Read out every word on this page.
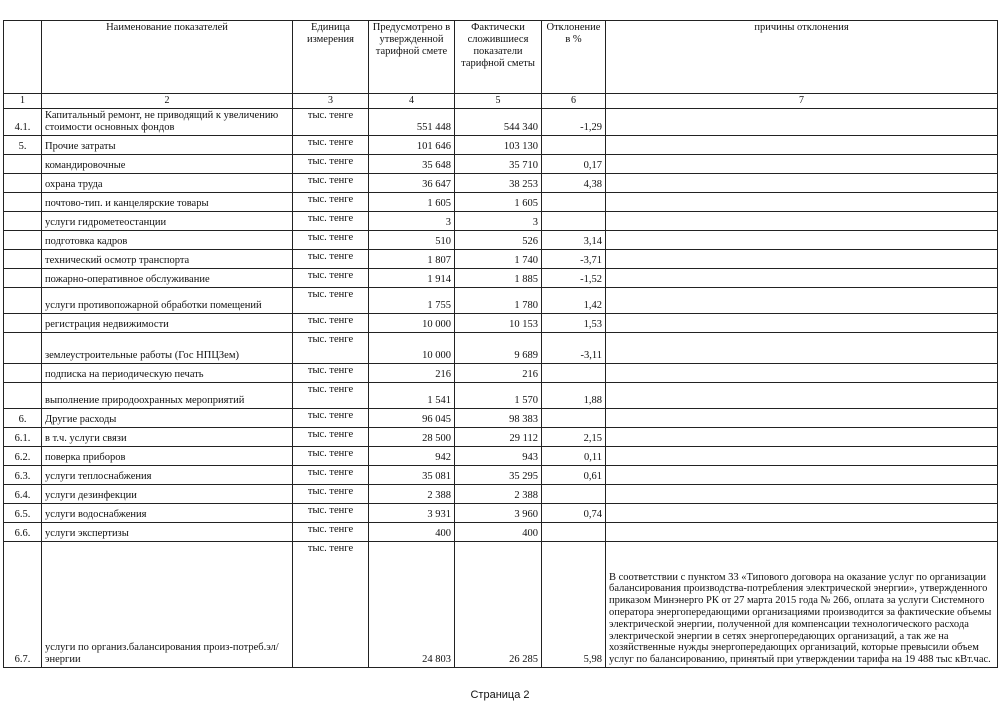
	Наименование показателей	Единица измерения	Предусмотрено в утвержденной тарифной смете	Фактически сложившиеся показатели тарифной сметы	Отклонение в %	причины отклонения
1	2	3	4	5	6	7
4.1.	Капитальный ремонт, не приводящий к увеличению стоимости основных фондов	тыс. тенге	551 448	544 340	-1,29	
5.	Прочие затраты	тыс. тенге	101 646	103 130		
	командировочные	тыс. тенге	35 648	35 710	0,17	
	охрана труда	тыс. тенге	36 647	38 253	4,38	
	почтово-тип. и канцелярские товары	тыс. тенге	1 605	1 605		
	услуги гидрометеостанции	тыс. тенге	3	3		
	подготовка кадров	тыс. тенге	510	526	3,14	
	технический осмотр транспорта	тыс. тенге	1 807	1 740	-3,71	
	пожарно-оперативное обслуживание	тыс. тенге	1 914	1 885	-1,52	
	услуги противопожарной обработки помещений	тыс. тенге	1 755	1 780	1,42	
	регистрация недвижимости	тыс. тенге	10 000	10 153	1,53	
	землеустроительные работы (Гос НПЦЗем)	тыс. тенге	10 000	9 689	-3,11	
	подписка на периодическую печать	тыс. тенге	216	216		
	выполнение природоохранных мероприятий	тыс. тенге	1 541	1 570	1,88	
6.	Другие расходы	тыс. тенге	96 045	98 383		
6.1.	в т.ч. услуги связи	тыс. тенге	28 500	29 112	2,15	
6.2.	поверка приборов	тыс. тенге	942	943	0,11	
6.3.	услуги теплоснабжения	тыс. тенге	35 081	35 295	0,61	
6.4.	услуги дезинфекции	тыс. тенге	2 388	2 388		
6.5.	услуги водоснабжения	тыс. тенге	3 931	3 960	0,74	
6.6.	услуги экспертизы	тыс. тенге	400	400		
6.7.	услуги по организ.балансирования произ-потреб.эл/энергии	тыс. тенге	24 803	26 285	5,98	В соответствии с пунктом 33 «Типового договора на оказание услуг по организации балансирования производства-потребления электрической энергии», утвержденного приказом Минэнерго РК от 27 марта 2015 года № 266, оплата за услуги Системного оператора энергопередающими организациями производится за фактические объемы электрической энергии, полученной для компенсации технологического расхода электрической энергии в сетях энергопередающих организаций, а так же на хозяйственные нужды энергопередающих организаций, которые превысили объем услуг по балансированию, принятый при утверждении тарифа на 19 488 тыс кВт.час.
Страница 2
